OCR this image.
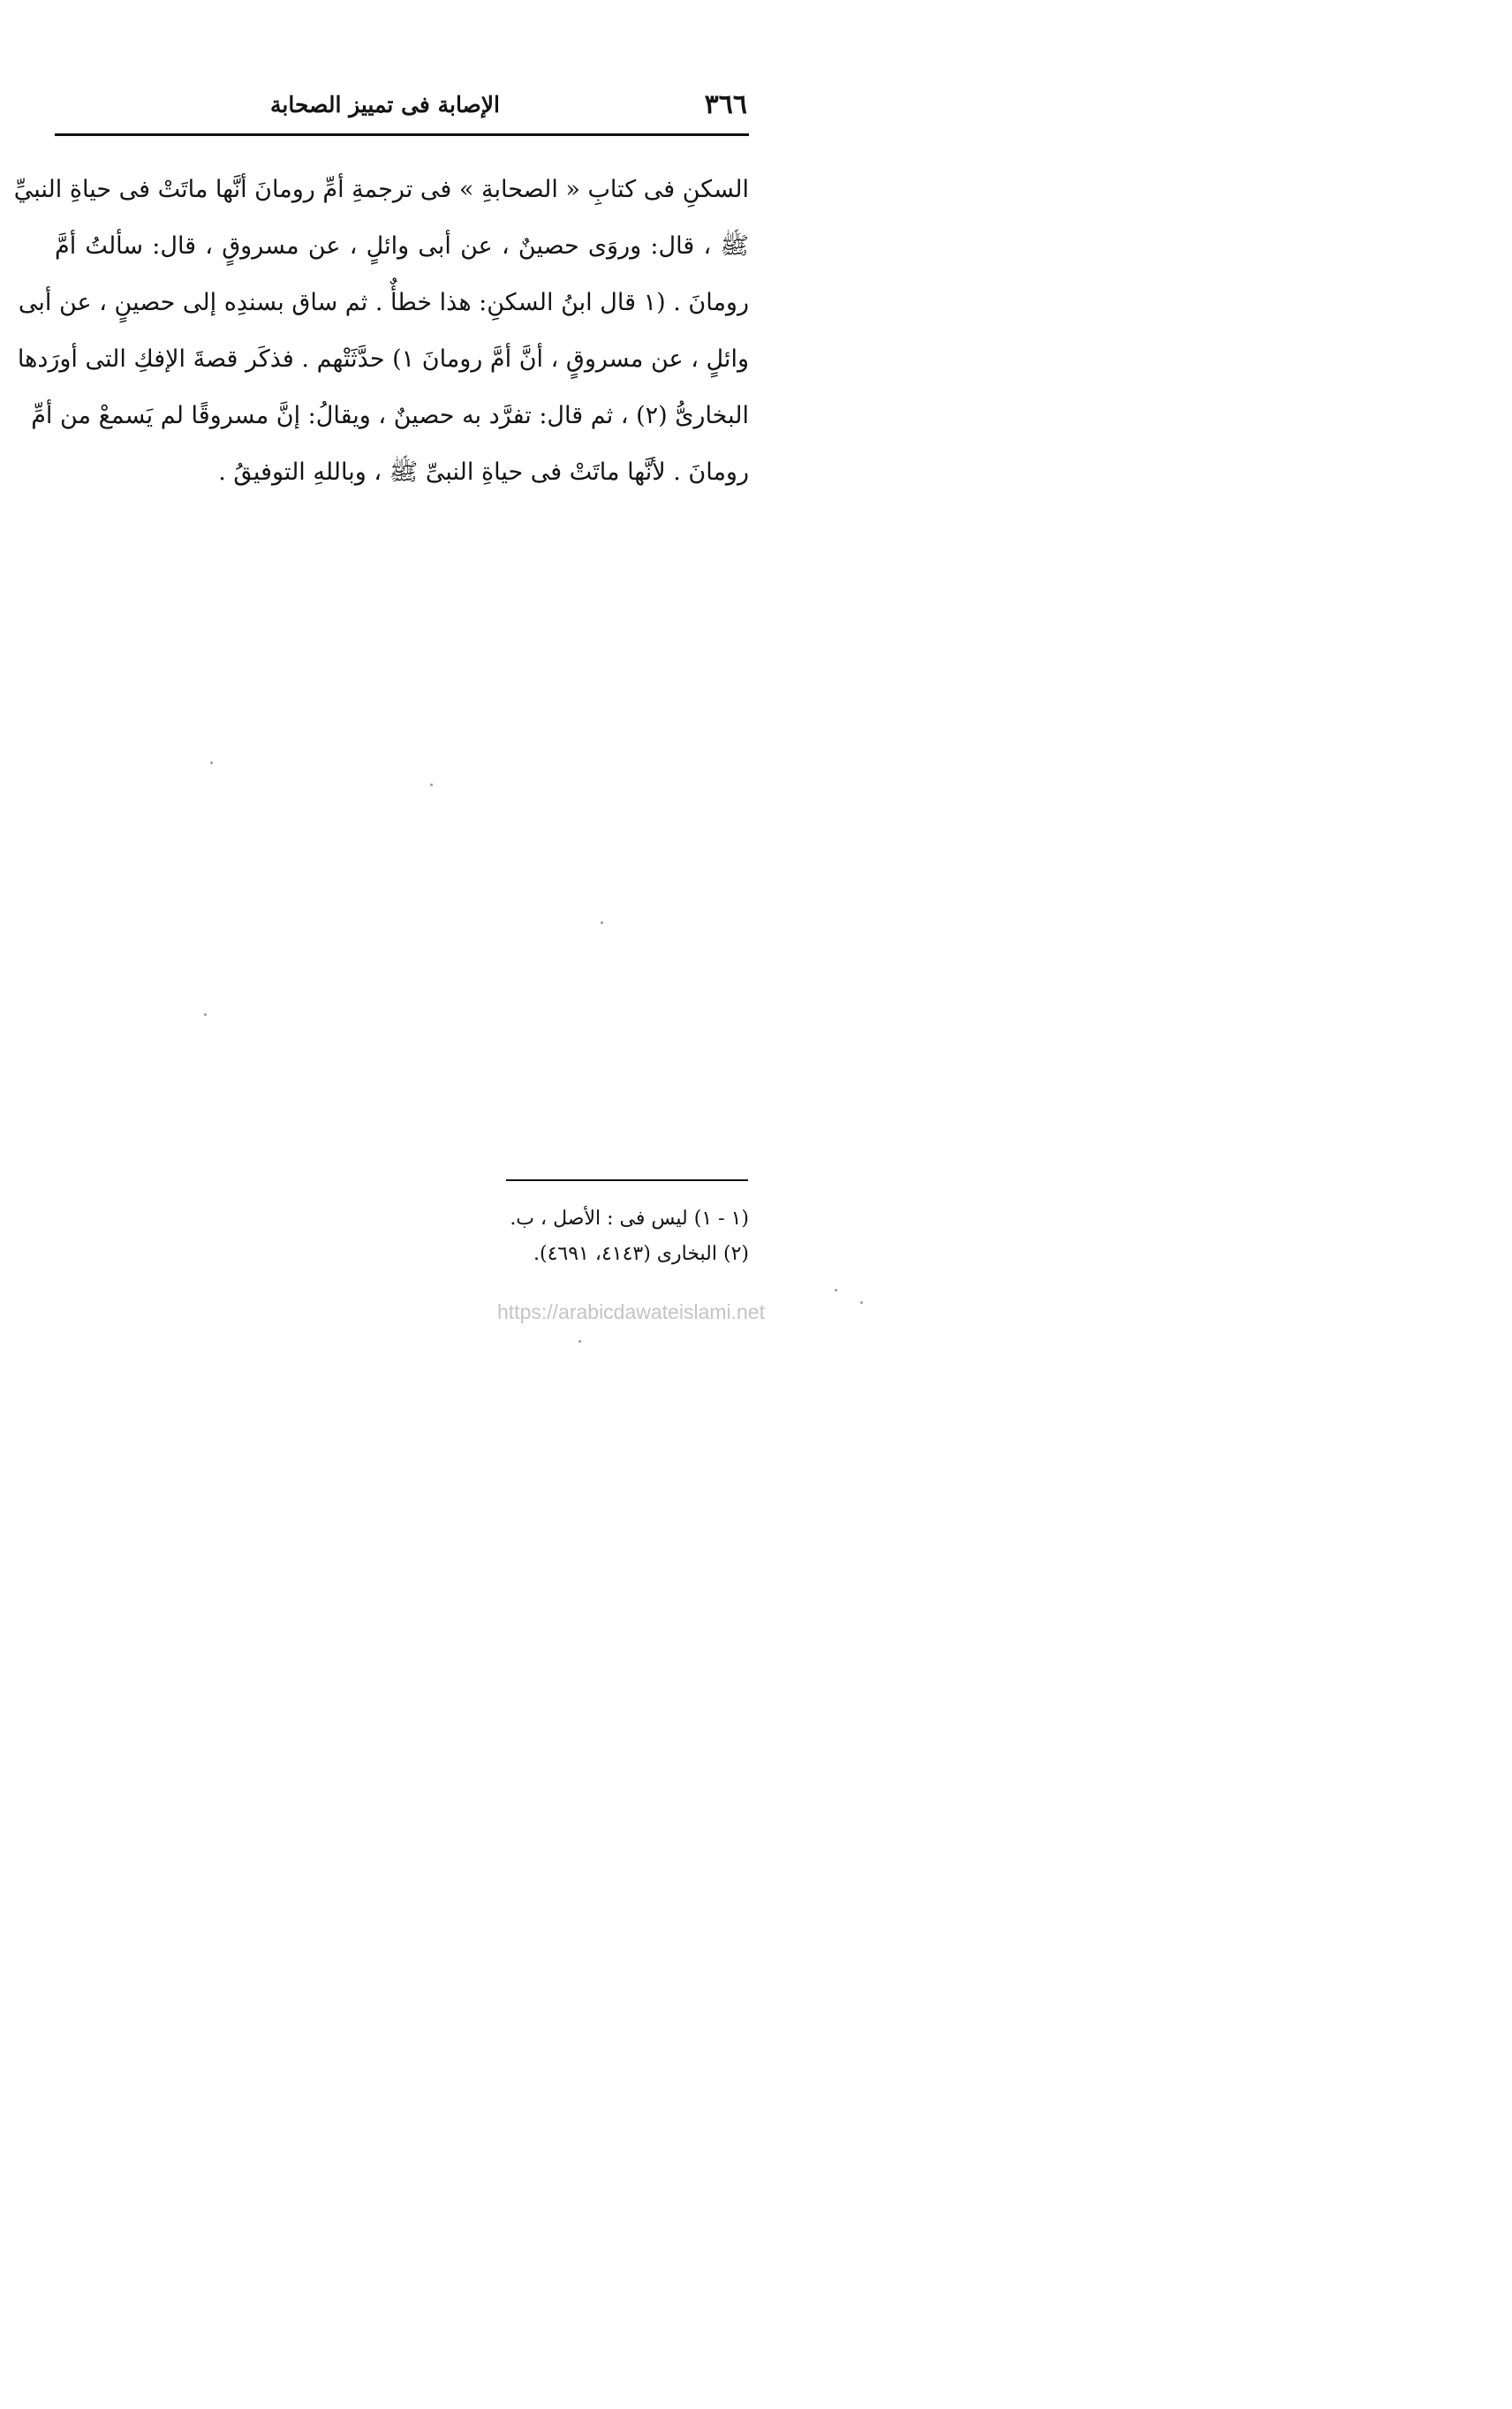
٣٦٦
الإصابة فى تمييز الصحابة
السكنِ فى كتابِ « الصحابةِ » فى ترجمةِ أمِّ رومانَ أنَّها ماتَتْ فى حياةِ النبيِّ
ﷺ ، قال: وروَى حصينٌ ، عن أبى وائلٍ ، عن مسروقٍ ، قال: سألتُ أمَّ
رومانَ . (١ قال ابنُ السكنِ: هذا خطأٌ . ثم ساق بسندِه إلى حصينٍ ، عن أبى
وائلٍ ، عن مسروقٍ ، أنَّ أمَّ رومانَ ١) حدَّثَتْهم . فذكَر قصةَ الإفكِ التى أورَدها
البخارىُّ (٢) ، ثم قال: تفرَّد به حصينٌ ، ويقالُ: إنَّ مسروقًا لم يَسمعْ من أمِّ
رومانَ . لأنَّها ماتَتْ فى حياةِ النبىِّ ﷺ ، وباللهِ التوفيقُ .
(١ - ١) ليس فى : الأصل ، ب.
(٢) البخارى (٤١٤٣، ٤٦٩١).
https://arabicdawateislami.net
